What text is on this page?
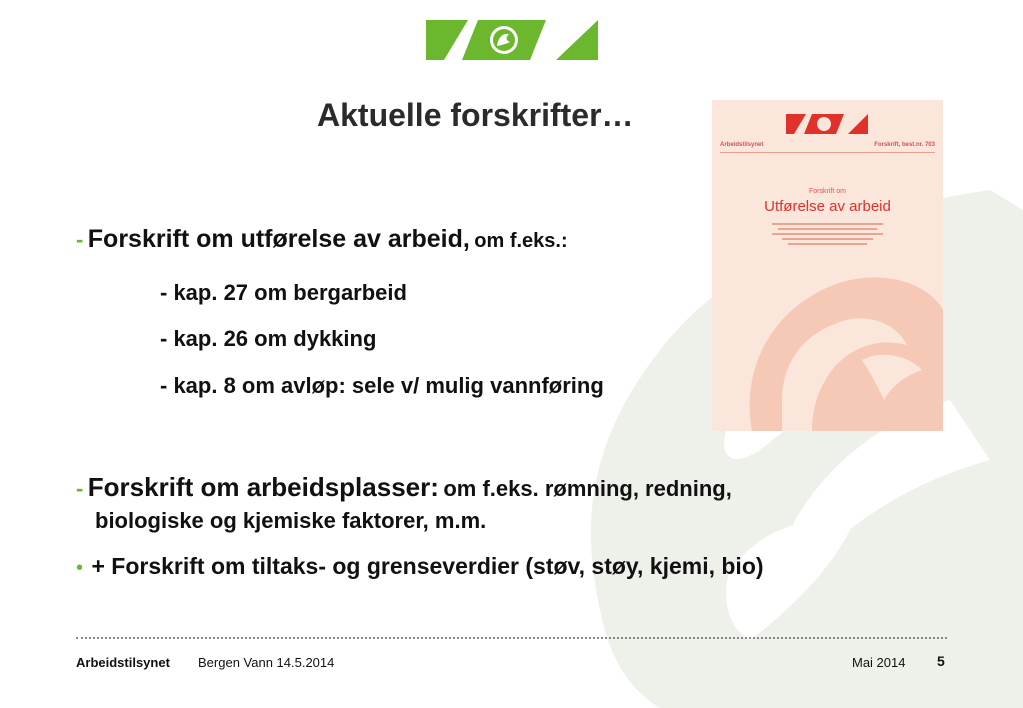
Aktuelle forskrifter…
Arbeidstilsynet	Forskrift, best.nr. 703
Forskrift om
Utførelse av arbeid
- Forskrift om utførelse av arbeid, om f.eks.:
- kap. 27 om bergarbeid
- kap. 26 om dykking
- kap. 8 om avløp: sele v/ mulig vannføring
- Forskrift om arbeidsplasser: om f.eks. rømning, redning,
biologiske og kjemiske faktorer, m.m.
• + Forskrift om tiltaks- og grenseverdier (støv, støy, kjemi, bio)
Arbeidstilsynet Bergen Vann 14.5.2014	Mai 2014 5
